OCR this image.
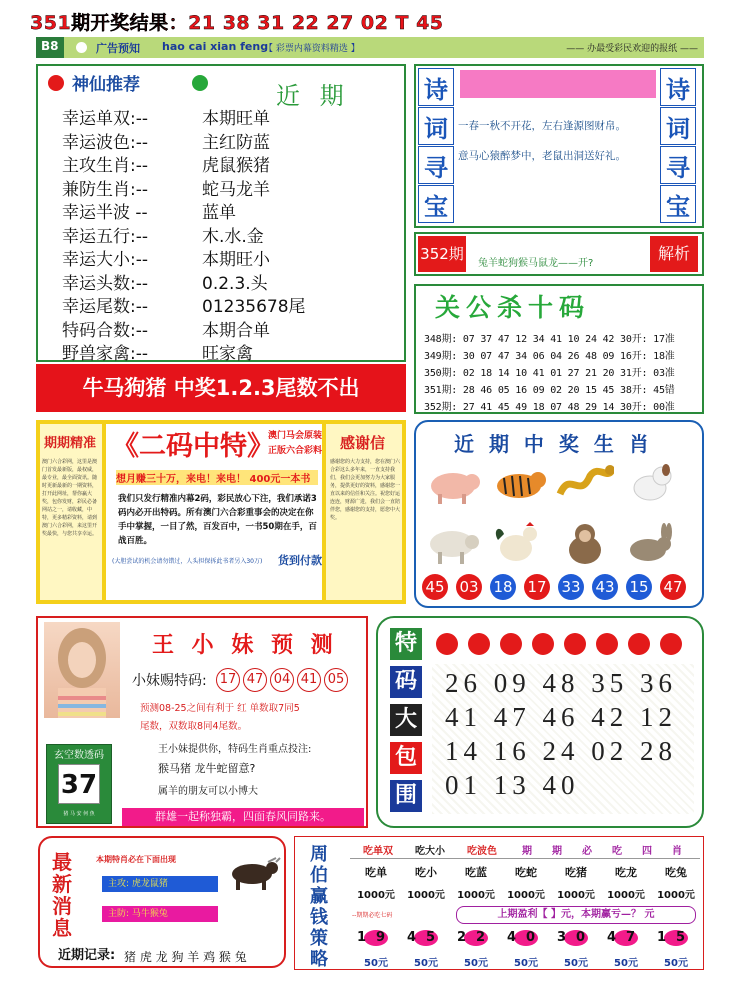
351期开奖结果：21 38 31 22 27 02 T 45
B8	广告预知 hao cai xian feng
【 彩票内幕资料精选 】	—— 办最受彩民欢迎的报纸 ——
神仙推荐	近 期
幸运单双:--	本期旺单
幸运波色:--	主红防蓝
主攻生肖:--	虎鼠猴猪
兼防生肖:--	蛇马龙羊
幸运半波 --	蓝单
幸运五行:--	木.水.金
幸运大小:--	本期旺小
幸运头数:--	0.2.3.头
幸运尾数:--	01235678尾
特码合数:--	本期合单
野兽家禽:--	旺家禽
牛马狗猪 中奖1.2.3尾数不出
诗
词
寻
宝
诗
词
寻
宝
一春一秋不开花，左右逢源图财帛。
意马心猿醉梦中，老鼠出洞送好礼。
352期
兔羊蛇狗猴马鼠龙——开?
解析
关公杀十码
348期: 07 37 47 12 34 41 10 24 42 30开: 17准
349期: 30 07 47 34 06 04 26 48 09 16开: 18准
350期: 02 18 14 10 41 01 27 21 20 31开: 03准
351期: 28 46 05 16 09 02 20 15 45 38开: 45错
352期: 27 41 45 49 18 07 48 29 14 30开: 00准
期期精准
澳门六合彩网，这里是澳门首发最新版，最权威，最专业，最全面资讯。随时更新最新的一期资料，打开此网址，帮你赢大奖，包你发财，彩民必备网站之一，请收藏，中特，更多精彩资料，请到澳门六合彩网，来这里开奖最快，与您共享幸运。
《二码中特》
澳门马会原装
正版六合彩料
想月赚三十万，来电！来电！ 400元一本书
我们只发行精准内幕2码，彩民放心下注，我们承诺3码内必开出特码。所有澳门六合彩重事会的决定在你手中掌握，一目了然，百发百中，一书50期在手，百战百胜。
(大胆尝试的机会请勿错过，人头担保拆此书者另入30万)	货到付款
感谢信
感谢您的大力支持，您在澳门六合彩这么多年来，一直支持我们，我们会更加努力为大家服务，提供更好的资料，感谢您一直以来的信任和关注。祝您好运连连，财源广进，我们会一直陪伴您，感谢您的支持，愿您中大奖。
近 期 中 奖 生 肖
45 03 18 17 33 43 15 47
王 小 妹 预 测
小妹赐特码: 17 47 04 41 05
预测08-25之间有利于 红 单数取7同5
尾数，双数取8同4尾数。
玄空数透码
37
猪 马 安 何 魚
王小妹提供你，特码生肖重点投注:
猴马猪 龙牛蛇留意?
属羊的朋友可以小博大
群雄一起称独霸，四面春风同路来。
特
码
大
包
围
26 09 48 35 36
41 47 46 42 12
14 16 24 02 28
01 13 40
最
新
消
息
本期特肖必在下面出现
主攻: 虎龙鼠猪
主防: 马牛猴兔
近期记录: 猪 虎 龙 狗 羊 鸡 猴 兔
周
伯
赢
钱
策
略
吃单双	吃大小	吃波色	期	期	必	吃	四	肖
吃单	吃小	吃蓝	吃蛇	吃猪	吃龙	吃兔
1000元	1000元	1000元	1000元	1000元	1000元	1000元
--期期必吃七码	上期盈利【 】元，本期赢亏—？ 元
19 45 22 40 30 47 15
50元	50元	50元	50元	50元	50元	50元
